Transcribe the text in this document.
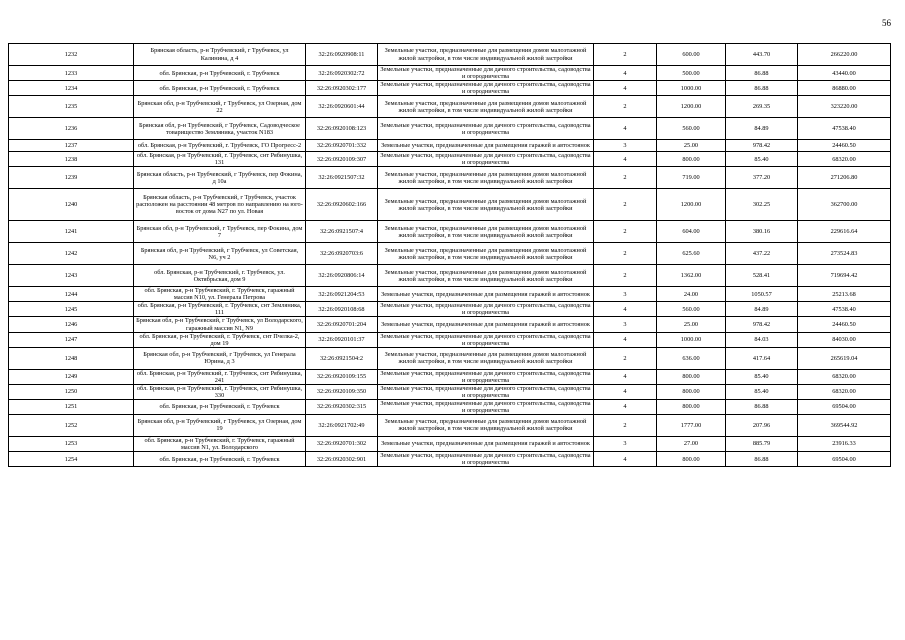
56
1232	Брянская область, р-н Трубчевский, г Трубчевск, ул Калинина, д 4	32:26:0920908:11	Земельные участки, предназначенные для размещения домов малоэтажной жилой застройки, в том числе индивидуальной жилой застройки	2	600.00	443.70	266220.00
1233	обл. Брянская, р-н Трубчевский, г. Трубчевск	32:26:0920302:72	Земельные участки, предназначенные для дачного строительства, садоводства и огородничества	4	500.00	86.88	43440.00
1234	обл. Брянская, р-н Трубчевский, г. Трубчевск	32:26:0920302:177	Земельные участки, предназначенные для дачного строительства, садоводства и огородничества	4	1000.00	86.88	86880.00
1235	Брянская обл, р-н Трубчевский, г Трубчевск, ул Озерная, дом 22	32:26:0920601:44	Земельные участки, предназначенные для размещения домов малоэтажной жилой застройки, в том числе индивидуальной жилой застройки	2	1200.00	269.35	323220.00
1236	Брянская обл, р-н Трубчевский, г Трубчевск, Садоводческое товарищество Земляника, участок N183	32:26:0920108:123	Земельные участки, предназначенные для дачного строительства, садоводства и огородничества	4	560.00	84.89	47538.40
1237	обл. Брянская, р-н Трубчевский, г. Трубчевск, ГО Прогресс-2	32:26:0920701:332	Земельные участки, предназначенные для размещения гаражей и автостоянок	3	25.00	978.42	24460.50
1238	обл. Брянская, р-н Трубчевский, г. Трубчевск, снт Рябинушка, 131	32:26:0920109:307	Земельные участки, предназначенные для дачного строительства, садоводства и огородничества	4	800.00	85.40	68320.00
1239	Брянская область, р-н Трубчевский, г Трубчевск, пер Фокина, д 10а	32:26:0921507:32	Земельные участки, предназначенные для размещения домов малоэтажной жилой застройки, в том числе индивидуальной жилой застройки	2	719.00	377.20	271206.80
1240	Брянская область, р-н Трубчевский, г Трубчевск, участок расположен на расстоянии 48 метров по направлению на юго-восток от дома N27 по ул. Новая	32:26:0920602:166	Земельные участки, предназначенные для размещения домов малоэтажной жилой застройки, в том числе индивидуальной жилой застройки	2	1200.00	302.25	362700.00
1241	Брянская обл, р-н Трубчевский, г Трубчевск, пер Фокина, дом 7	32:26:0921507:4	Земельные участки, предназначенные для размещения домов малоэтажной жилой застройки, в том числе индивидуальной жилой застройки	2	604.00	380.16	229616.64
1242	Брянская обл, р-н Трубчевский, г Трубчевск, ул Советская, N6, уч 2	32:26:0920703:6	Земельные участки, предназначенные для размещения домов малоэтажной жилой застройки, в том числе индивидуальной жилой застройки	2	625.60	437.22	273524.83
1243	обл. Брянская, р-н Трубчевский, г. Трубчевск, ул. Октябрьская, дом 9	32:26:0920806:14	Земельные участки, предназначенные для размещения домов малоэтажной жилой застройки, в том числе индивидуальной жилой застройки	2	1362.00	528.41	719694.42
1244	обл. Брянская, р-н Трубчевский, г. Трубчевск, гаражный массив N10, ул. Генерала Петрова	32:26:0921204:53	Земельные участки, предназначенные для размещения гаражей и автостоянок	3	24.00	1050.57	25213.68
1245	обл. Брянская, р-н Трубчевский, г. Трубчевск, снт Земляника, 111	32:26:0920108:68	Земельные участки, предназначенные для дачного строительства, садоводства и огородничества	4	560.00	84.89	47538.40
1246	Брянская обл, р-н Трубчевский, г Трубчевск, ул Володарского, гаражный массив N1, N9	32:26:0920701:204	Земельные участки, предназначенные для размещения гаражей и автостоянок	3	25.00	978.42	24460.50
1247	обл. Брянская, р-н Трубчевский, г. Трубчевск, снт Пчелка-2, дом 19	32:26:0920101:37	Земельные участки, предназначенные для дачного строительства, садоводства и огородничества	4	1000.00	84.03	84030.00
1248	Брянская обл, р-н Трубчевский, г Трубчевск, ул Генерала Юрина, д 3	32:26:0921504:2	Земельные участки, предназначенные для размещения домов малоэтажной жилой застройки, в том числе индивидуальной жилой застройки	2	636.00	417.64	265619.04
1249	обл. Брянская, р-н Трубчевский, г. Трубчевск, снт Рябинушка, 241	32:26:0920109:155	Земельные участки, предназначенные для дачного строительства, садоводства и огородничества	4	800.00	85.40	68320.00
1250	обл. Брянская, р-н Трубчевский, г. Трубчевск, снт Рябинушка, 330	32:26:0920109:350	Земельные участки, предназначенные для дачного строительства, садоводства и огородничества	4	800.00	85.40	68320.00
1251	обл. Брянская, р-н Трубчевский, г. Трубчевск	32:26:0920302:315	Земельные участки, предназначенные для дачного строительства, садоводства и огородничества	4	800.00	86.88	69504.00
1252	Брянская обл, р-н Трубчевский, г Трубчевск, ул Озерная, дом 19	32:26:0921702:49	Земельные участки, предназначенные для размещения домов малоэтажной жилой застройки, в том числе индивидуальной жилой застройки	2	1777.00	207.96	369544.92
1253	обл. Брянская, р-н Трубчевский, г. Трубчевск, гаражный массив N1, ул. Володарского	32:26:0920701:302	Земельные участки, предназначенные для размещения гаражей и автостоянок	3	27.00	885.79	23916.33
1254	обл. Брянская, р-н Трубчевский, г. Трубчевск	32:26:0920302:901	Земельные участки, предназначенные для дачного строительства, садоводства и огородничества	4	800.00	86.88	69504.00
